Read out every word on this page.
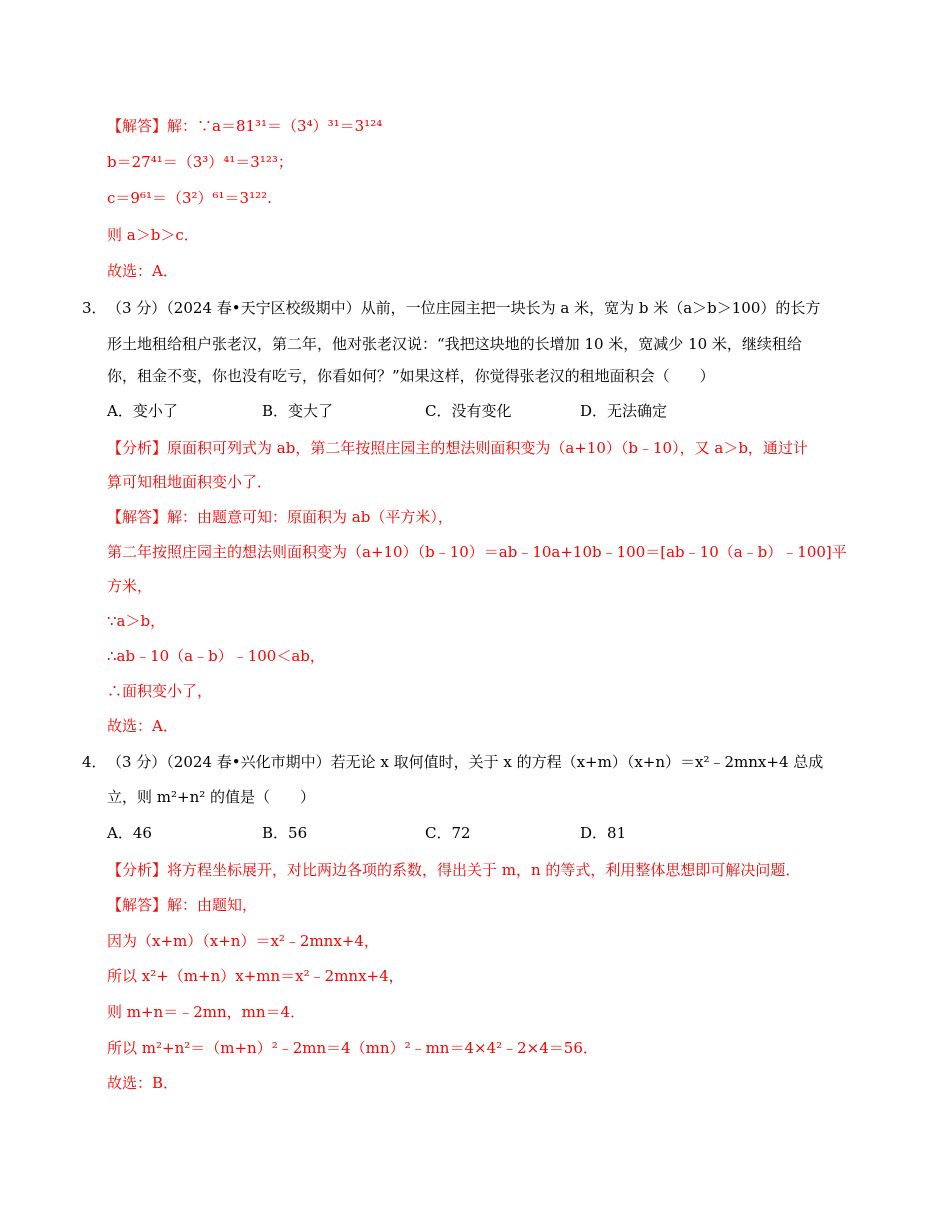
【解答】解：∵a＝81³¹＝（3⁴）³¹＝3¹²⁴
b＝27⁴¹＝（3³）⁴¹＝3¹²³；
c＝9⁶¹＝（3²）⁶¹＝3¹²².
则 a＞b＞c．
故选：A．
3． （3 分）（2024 春•天宁区校级期中）从前，一位庄园主把一块长为 a 米，宽为 b 米（a＞b＞100）的长方
形土地租给租户张老汉，第二年，他对张老汉说：“我把这块地的长增加 10 米，宽减少 10 米，继续租给
你，租金不变，你也没有吃亏，你看如何？”如果这样，你觉得张老汉的租地面积会（　　）
A．变小了	B．变大了	C．没有变化	D．无法确定
【分析】原面积可列式为 ab，第二年按照庄园主的想法则面积变为（a+10）（b﹣10），又 a＞b，通过计
算可知租地面积变小了．
【解答】解：由题意可知：原面积为 ab（平方米），
第二年按照庄园主的想法则面积变为（a+10）（b﹣10）＝ab﹣10a+10b﹣100＝[ab﹣10（a﹣b）﹣100]平
方米，
∵a＞b，
∴ab﹣10（a﹣b）﹣100＜ab，
∴面积变小了，
故选：A．
4． （3 分）（2024 春•兴化市期中）若无论 x 取何值时，关于 x 的方程（x+m）（x+n）＝x²﹣2mnx+4 总成
立，则 m²+n² 的值是（　　）
A．46	B．56	C．72	D．81
【分析】将方程坐标展开，对比两边各项的系数，得出关于 m，n 的等式，利用整体思想即可解决问题．
【解答】解：由题知，
因为（x+m）（x+n）＝x²﹣2mnx+4，
所以 x²+（m+n）x+mn＝x²﹣2mnx+4，
则 m+n＝﹣2mn，mn＝4．
所以 m²+n²＝（m+n）²﹣2mn＝4（mn）²﹣mn＝4×4²﹣2×4＝56．
故选：B．
